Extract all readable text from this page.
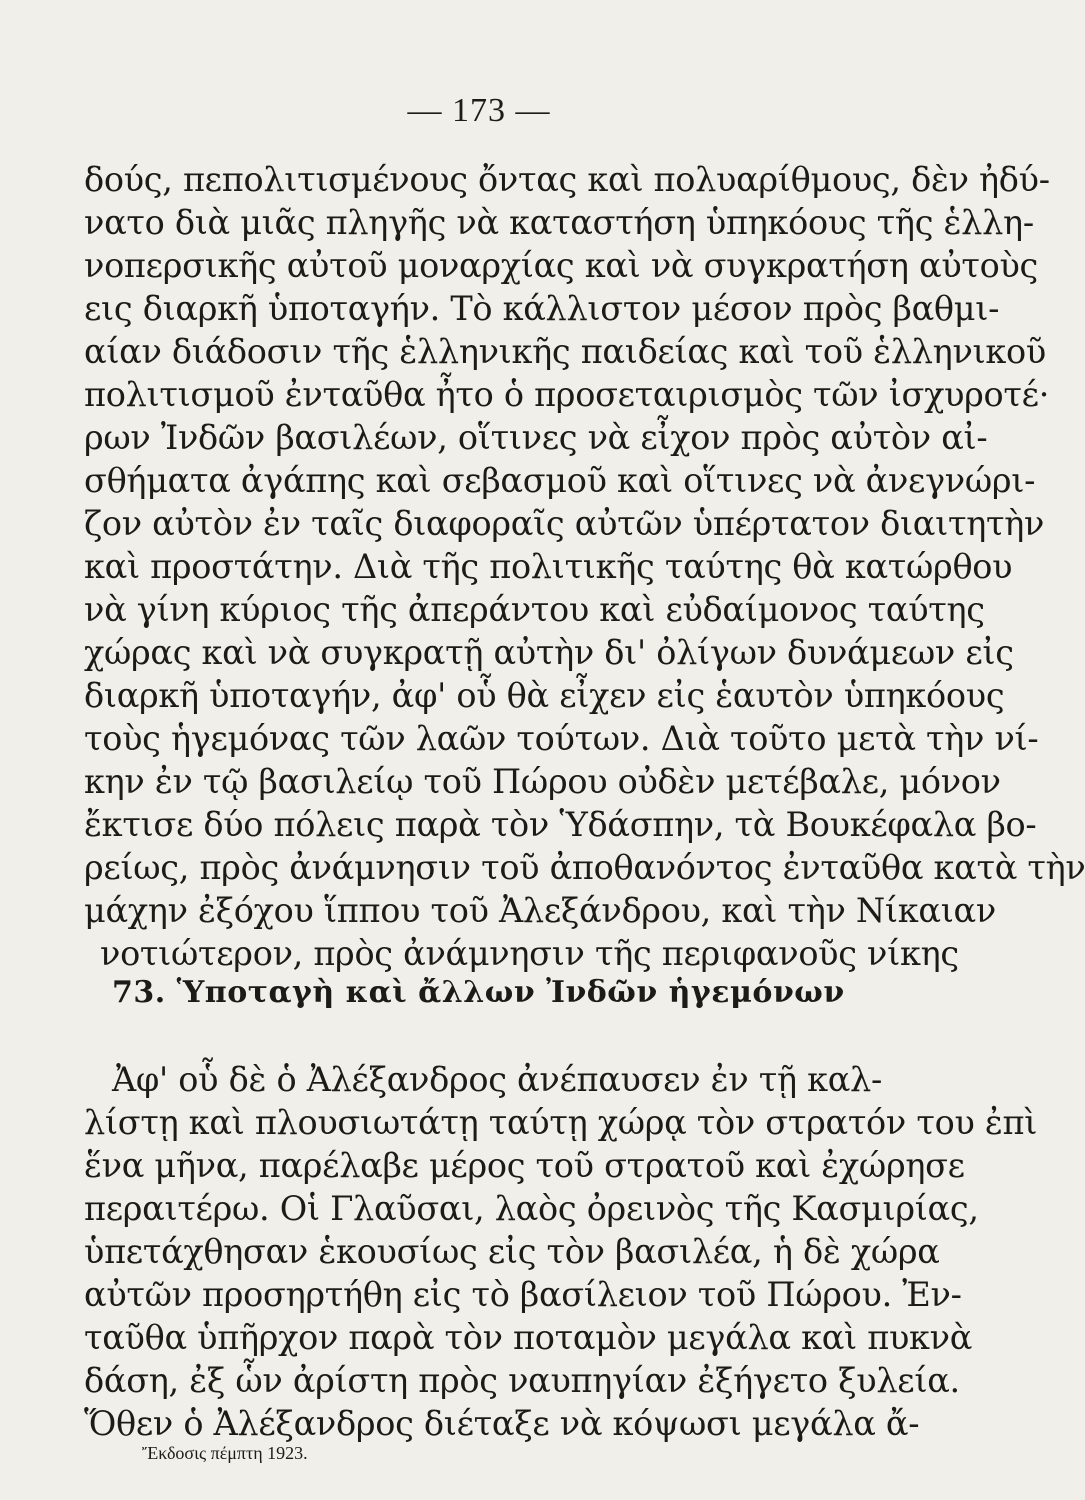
— 173 —
δούς, πεπολιτισμένους ὄντας καὶ πολυαρίθμους, δὲν ἠδύ-
νατο διὰ μιᾶς πληγῆς νὰ καταστήση ὑπηκόους τῆς ἑλλη-
νοπερσικῆς αὐτοῦ μοναρχίας καὶ νὰ συγκρατήση αὐτοὺς
εις διαρκῆ ὑποταγήν. Τὸ κάλλιστον μέσον πρὸς βαθμι-
αίαν διάδοσιν τῆς ἑλληνικῆς παιδείας καὶ τοῦ ἑλληνικοῦ
πολιτισμοῦ ἐνταῦθα ἦτο ὁ προσεταιρισμὸς τῶν ἰσχυροτέ·
ρων Ἰνδῶν βασιλέων, οἵτινες νὰ εἶχον πρὸς αὐτὸν αἰ-
σθήματα ἀγάπης καὶ σεβασμοῦ καὶ οἵτινες νὰ ἀνεγνώρι-
ζον αὐτὸν ἐν ταῖς διαφοραῖς αὐτῶν ὑπέρτατον διαιτητὴν
καὶ προστάτην. Διὰ τῆς πολιτικῆς ταύτης θὰ κατώρθου
νὰ γίνη κύριος τῆς ἀπεράντου καὶ εὐδαίμονος ταύτης
χώρας καὶ νὰ συγκρατῇ αὐτὴν δι' ὀλίγων δυνάμεων εἰς
διαρκῆ ὑποταγήν, ἀφ' οὗ θὰ εἶχεν εἰς ἑαυτὸν ὑπηκόους
τοὺς ἡγεμόνας τῶν λαῶν τούτων. Διὰ τοῦτο μετὰ τὴν νί-
κην ἐν τῷ βασιλείῳ τοῦ Πώρου οὐδὲν μετέβαλε, μόνον
ἔκτισε δύο πόλεις παρὰ τὸν Ὑδάσπην, τὰ Βουκέφαλα βο-
ρείως, πρὸς ἀνάμνησιν τοῦ ἀποθανόντος ἐνταῦθα κατὰ τὴν
μάχην ἐξόχου ἵππου τοῦ Ἀλεξάνδρου, καὶ τὴν Νίκαιαν
νοτιώτερον, πρὸς ἀνάμνησιν τῆς περιφανοῦς νίκης
73. Ὑποταγὴ καὶ ἄλλων Ἰνδῶν ἡγεμόνων
Ἀφ' οὗ δὲ ὁ Ἀλέξανδρος ἀνέπαυσεν ἐν τῇ καλ-
λίστῃ καὶ πλουσιωτάτῃ ταύτῃ χώρᾳ τὸν στρατόν του ἐπὶ
ἕνα μῆνα, παρέλαβε μέρος τοῦ στρατοῦ καὶ ἐχώρησε
περαιτέρω. Οἱ Γλαῦσαι, λαὸς ὀρεινὸς τῆς Κασμιρίας,
ὑπετάχθησαν ἑκουσίως εἰς τὸν βασιλέα, ἡ δὲ χώρα
αὐτῶν προσηρτήθη εἰς τὸ βασίλειον τοῦ Πώρου. Ἐν-
ταῦθα ὑπῆρχον παρὰ τὸν ποταμὸν μεγάλα καὶ πυκνὰ
δάση, ἐξ ὧν ἀρίστη πρὸς ναυπηγίαν ἐξήγετο ξυλεία.
Ὅθεν ὁ Ἀλέξανδρος διέταξε νὰ κόψωσι μεγάλα ἄ-
Ἔκδοσις πέμπτη 1923.
